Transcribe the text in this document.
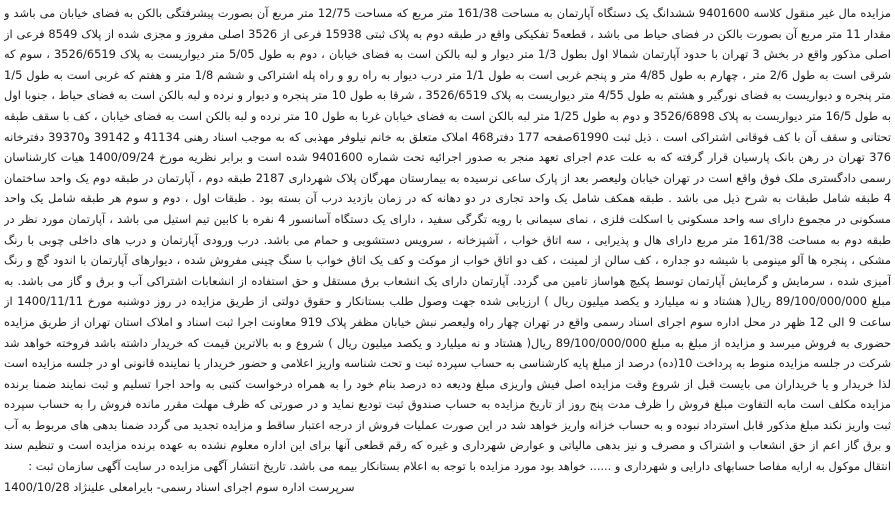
مزایده مال غیر منقول کلاسه 9401600 ششدانگ یک دستگاه آپارتمان به مساحت 161/38 متر مربع که مساحت 12/75 متر مربع آن بصورت پیشرفتگی بالکن به فضای خیابان می باشد و مقدار 11 متر مربع آن بصورت بالکن در فضای حیاط می باشد ، قطعه5 تفکیکی واقع در طبقه دوم به پلاک ثبتی 15938 فرعی از 3526 اصلی مفروز و مجزی شده از پلاک 8549 فرعی از اصلی مذکور واقع در بخش 3 تهران با حدود آپارتمان شمالا اول بطول 1/3 متر دیوار و لبه بالکن است به فضای خیابان ، دوم به طول 5/05 متر دیواریست به پلاک 3526/6519 ، سوم که شرقی است به طول 2/6 متر ، چهارم به طول 4/85 متر و پنجم غربی است به طول 1/1 متر درب دیوار به راه رو و راه پله اشتراکی و ششم 1/8 متر و هفتم که غربی است به طول 1/5 متر پنجره و دیواریست به فضای نورگیر و هشتم به طول 4/55 متر دیواریست به پلاک 3526/6519 ، شرقا به طول 10 متر پنجره و دیوار و نرده و لبه بالکن است به فضای حیاط ، جنوبا اول به طول 16/5 متر دیواریست به پلاک 3526/6898 و دوم به طول 1/25 متر لبه بالکن است به فضای خیابان غربا به طول 10 متر نرده و لبه بالکن است به فضای خیابان ، کف با سقف طبقه تحتانی و سقف آن با کف فوقانی اشتراکی است . ذیل ثبت 61990صفحه 177 دفتر468 املاک متعلق به خانم نیلوفر مهذبی که به موجب اسناد رهنی 41134 و 39142 و39370 دفترخانه 376 تهران در رهن بانک پارسیان قرار گرفته که به علت عدم اجرای تعهد منجر به صدور اجرائیه تحت شماره 9401600 شده است و برابر نظریه مورخ 1400/09/24 هیات کارشناسان رسمی دادگستری ملک فوق واقع است در تهران خیابان ولیعصر بعد از پارک ساعی نرسیده به بیمارستان مهرگان پلاک شهرداری 2187 طبقه دوم ، آپارتمان در طبقه دوم یک واحد ساختمان 4 طبقه شامل طبقات به شرح ذیل می باشد . طبقه همکف شامل یک واحد تجاری در دو دهانه که در زمان بازدید درب آن بسته بود . طبقات اول ، دوم و سوم هر طبقه شامل یک واحد مسکونی در مجموع دارای سه واحد مسکونی با اسکلت فلزی ، نمای سیمانی با رویه تگرگی سفید ، دارای یک دستگاه آسانسور 4 نفره با کابین تیم استیل می باشد ، آپارتمان مورد نظر در طبقه دوم به مساحت 161/38 متر مربع دارای هال و پذیرایی ، سه اتاق خواب ، آشپزخانه ، سرویس دستشویی و حمام می باشد. درب ورودی آپارتمان و درب های داخلی چوبی با رنگ مشکی ، پنجره ها آلو مینومی با شیشه دو جداره ، کف سالن از لمینت ، کف دو اتاق خواب از موکت و کف یک اتاق خواب با سنگ چینی مفروش شده ، دیوارهای آپارتمان با اندود گچ و رنگ آمیزی شده ، سرمایش و گرمایش آپارتمان توسط پکیچ هواساز تامین می گردد. آپارتمان دارای یک انشعاب برق مستقل و حق استفاده از انشعابات اشتراکی آب و برق و گاز می باشد. به مبلغ 89/100/000/000 ریال( هشتاد و نه میلیارد و یکصد میلیون ریال ) ارزیابی شده جهت وصول طلب بستانکار و حقوق دولتی از طریق مزایده در روز دوشنبه مورخ 1400/11/11 از ساعت 9 الی 12 ظهر در محل اداره سوم اجرای اسناد رسمی واقع در تهران چهار راه ولیعصر نبش خیابان مظفر پلاک 919 معاونت اجرا ثبت اسناد و املاک استان تهران از طریق مزایده حضوری به فروش میرسد و مزایده از مبلغ به مبلغ 89/100/000/000 ریال( هشتاد و نه میلیارد و یکصد میلیون ریال ) شروع و به بالاترین قیمت که خریدار داشته باشد فروخته خواهد شد شرکت در جلسه مزایده منوط به پرداخت 10(ده) درصد از مبلغ پایه کارشناسی به حساب سپرده ثبت و تحت شناسه واریز اعلامی و حضور خریدار یا نماینده قانونی او در جلسه مزایده است لذا خریدار و یا خریداران می بایست قبل از شروع وقت مزایده اصل فیش واریزی مبلغ ودیعه ده درصد بنام خود را به همراه درخواست کتبی به واحد اجرا تسلیم و ثبت نمایند ضمنا برنده مزایده مکلف است مابه التفاوت مبلغ فروش را ظرف مدت پنج روز از تاریخ مزایده به حساب صندوق ثبت تودیع نماید و در صورتی که ظرف مهلت مقرر مانده فروش را به حساب سپرده ثبت واریز نکند مبلغ مذکور قابل استرداد نبوده و به حساب خزانه واریز خواهد شد در این صورت عملیات فروش از درجه اعتبار ساقط و مزایده تجدید می گردد ضمنا بدهی های مربوط به آب و برق گاز اعم از حق انشعاب و اشتراک و مصرف و نیز بدهی مالیاتی و عوارض شهرداری و غیره که رقم قطعی آنها برای این اداره معلوم نشده به عهده برنده مزایده است و تنظیم سند انتقال موکول به ارایه مفاصا حسابهای دارایی و شهرداری و ...... خواهد بود مورد مزایده با توجه به اعلام بستانکار بیمه می باشد. تاریخ انتشار آگهی مزایده در سایت آگهی سازمان ثبت :

سرپرست اداره سوم اجرای اسناد رسمی- بایرامعلی علینژاد 1400/10/28
